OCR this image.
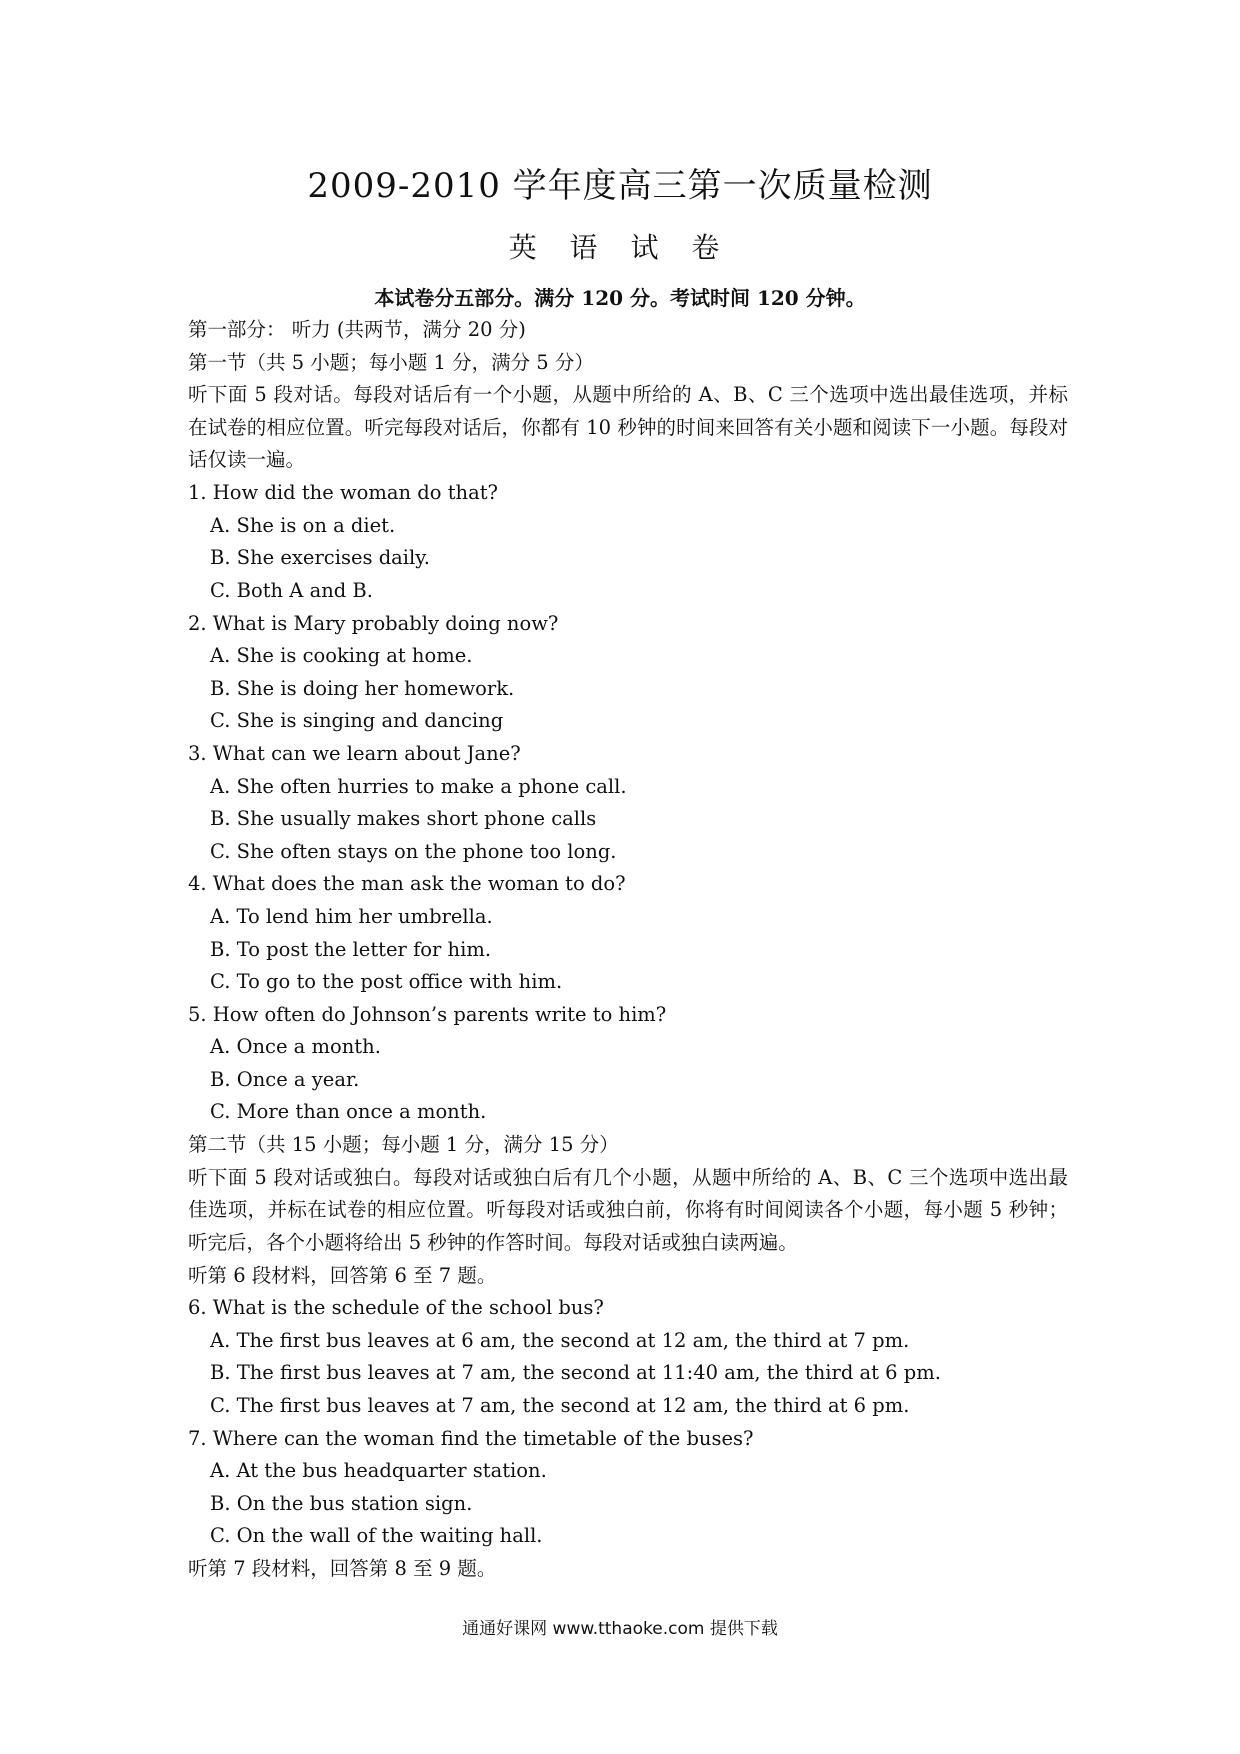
2009-2010 学年度高三第一次质量检测
英 语 试 卷
本试卷分五部分。满分 120 分。考试时间 120 分钟。
第一部分： 听力 (共两节，满分 20 分)
第一节（共 5 小题；每小题 1 分，满分 5 分）
听下面 5 段对话。每段对话后有一个小题，从题中所给的 A、B、C 三个选项中选出最佳选项，并标在试卷的相应位置。听完每段对话后，你都有 10 秒钟的时间来回答有关小题和阅读下一小题。每段对话仅读一遍。
1. How did the woman do that?
A. She is on a diet.
B. She exercises daily.
C. Both A and B.
2. What is Mary probably doing now?
A. She is cooking at home.
B. She is doing her homework.
C. She is singing and dancing
3. What can we learn about Jane?
A. She often hurries to make a phone call.
B. She usually makes short phone calls
C. She often stays on the phone too long.
4. What does the man ask the woman to do?
A. To lend him her umbrella.
B. To post the letter for him.
C. To go to the post office with him.
5. How often do Johnson’s parents write to him?
A. Once a month.
B. Once a year.
C. More than once a month.
第二节（共 15 小题；每小题 1 分，满分 15 分）
听下面 5 段对话或独白。每段对话或独白后有几个小题，从题中所给的 A、B、C 三个选项中选出最佳选项，并标在试卷的相应位置。听每段对话或独白前，你将有时间阅读各个小题，每小题 5 秒钟；听完后，各个小题将给出 5 秒钟的作答时间。每段对话或独白读两遍。
听第 6 段材料，回答第 6 至 7 题。
6. What is the schedule of the school bus?
A. The first bus leaves at 6 am, the second at 12 am, the third at 7 pm.
B. The first bus leaves at 7 am, the second at 11:40 am, the third at 6 pm.
C. The first bus leaves at 7 am, the second at 12 am, the third at 6 pm.
7. Where can the woman find the timetable of the buses?
A. At the bus headquarter station.
B. On the bus station sign.
C. On the wall of the waiting hall.
听第 7 段材料，回答第 8 至 9 题。
通通好课网 www.tthaoke.com 提供下载
